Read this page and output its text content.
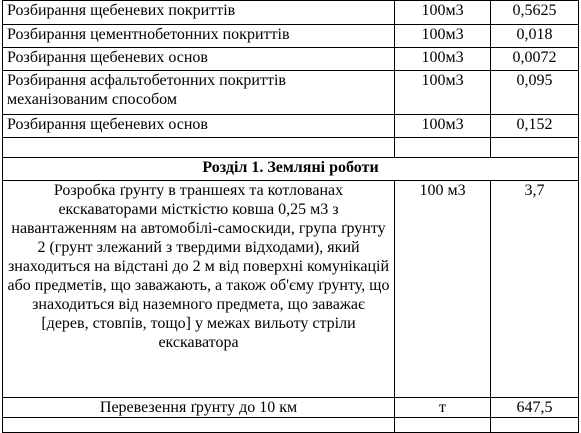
Розбирання щебеневих покриттів	100м3	0,5625
Розбирання цементнобетонних покриттів	100м3	0,018
Розбирання щебеневих основ	100м3	0,0072
Розбирання асфальтобетонних покриттів механізованим способом	100м3	0,095
Розбирання щебеневих основ	100м3	0,152

Розділ 1. Земляні роботи		
Розробка ґрунту в траншеях та котлованах екскаваторами місткістю ковша 0,25 м3 з навантаженням на автомобілі-самоскиди, група ґрунту 2 (грунт злежаний з твердими відходами), який знаходиться на відстані до 2 м від поверхні комунікацій або предметів, що заважають, а також об'єму ґрунту, що знаходиться від наземного предмета, що заважає [дерев, стовпів, тощо] у межах вильоту стріли екскаватора	100 м3	3,7
Перевезення ґрунту до 10 км	т	647,5
